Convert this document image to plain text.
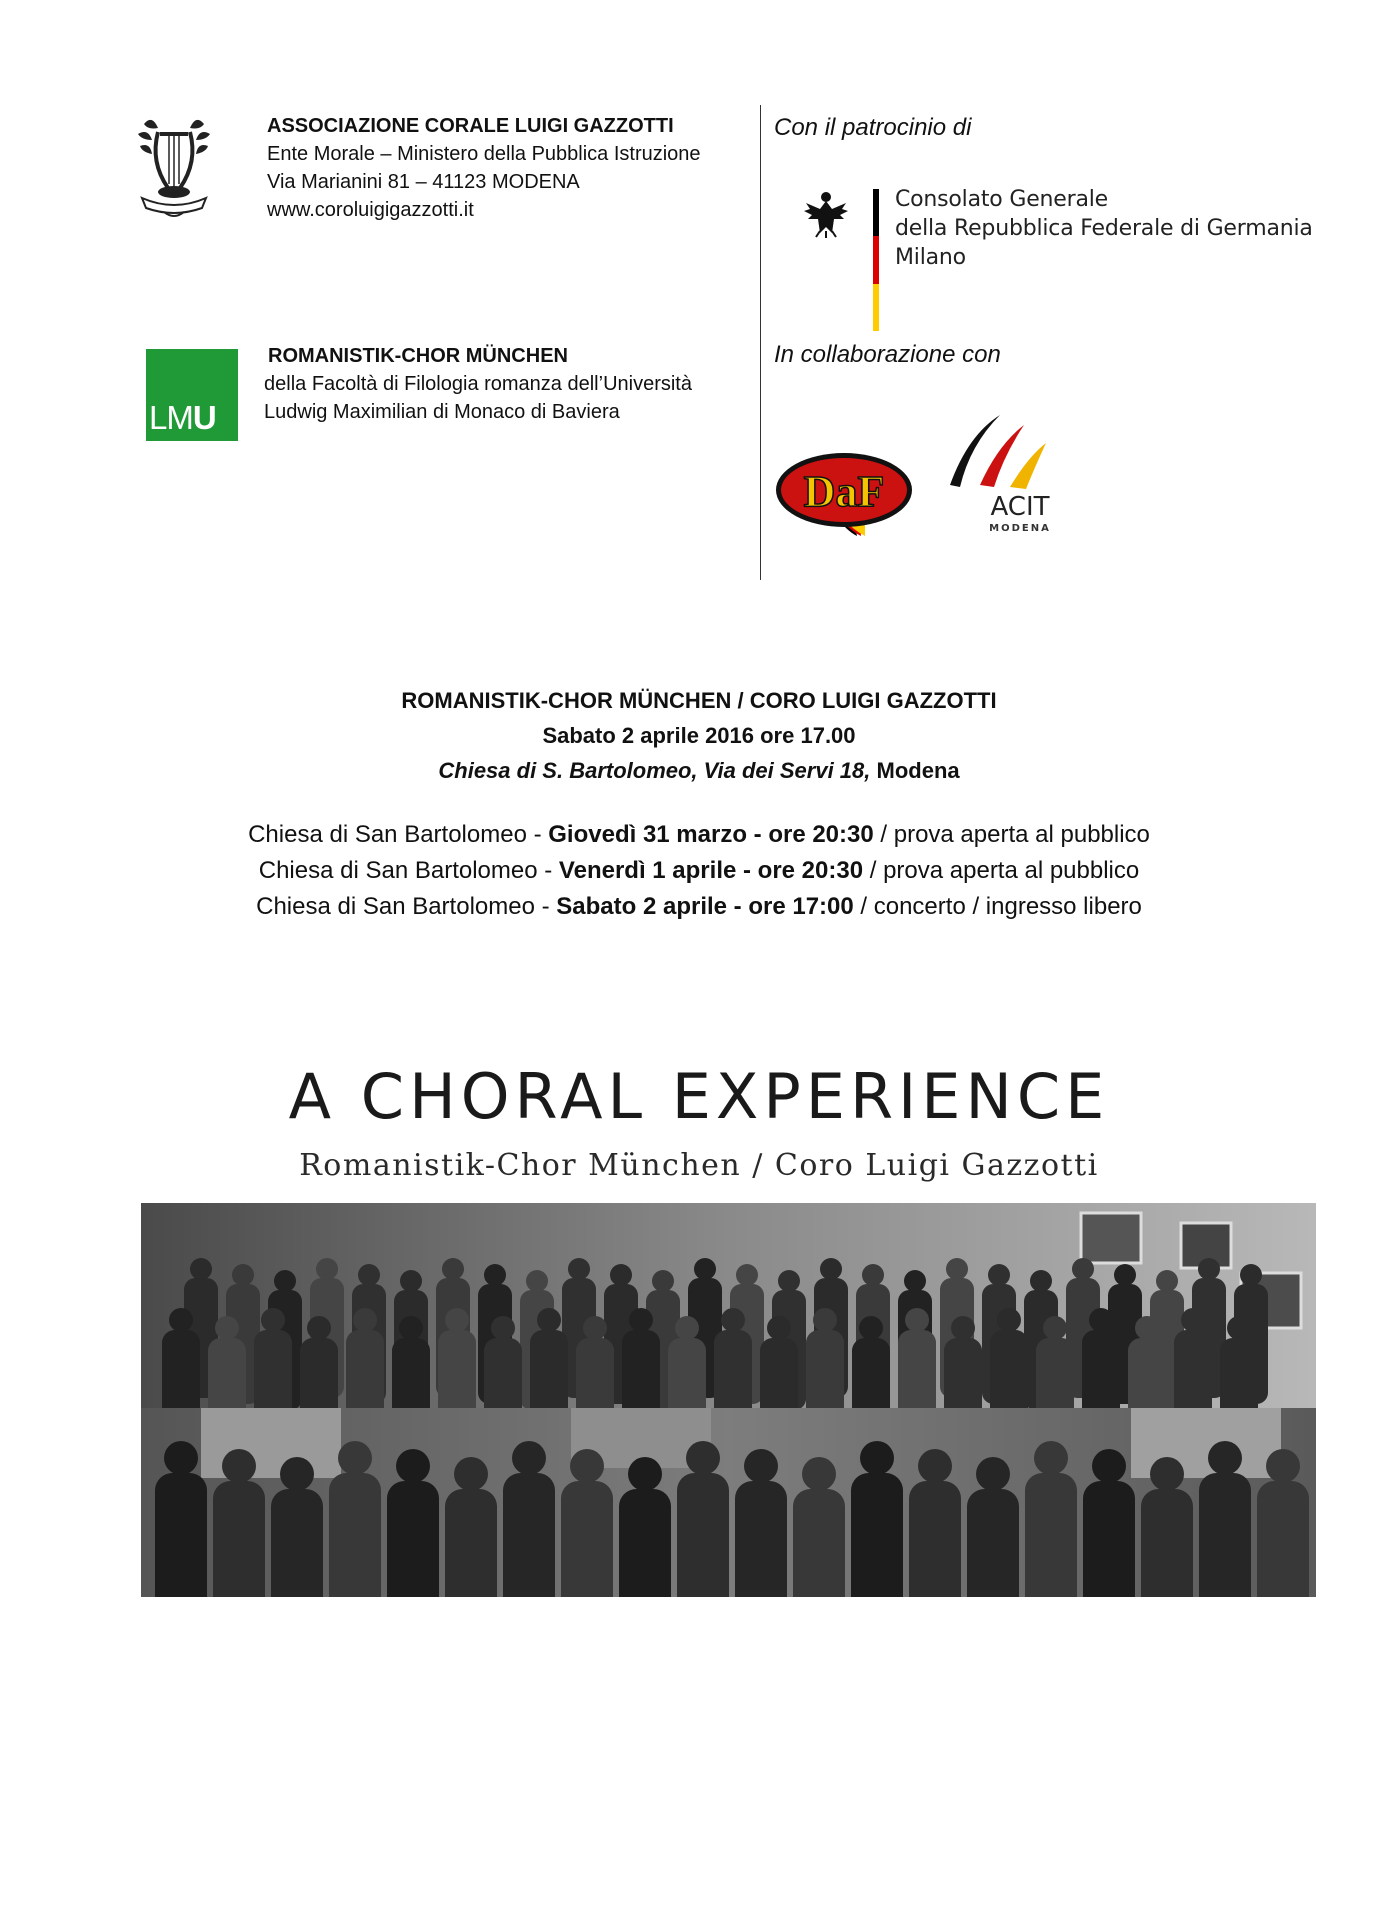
ASSOCIAZIONE CORALE LUIGI GAZZOTTI
Ente Morale – Ministero della Pubblica Istruzione
Via Marianini 81 – 41123 MODENA
www.coroluigigazzotti.it
LMU
ROMANISTIK-CHOR MÜNCHEN
della Facoltà di Filologia romanza dell’Università
Ludwig Maximilian di Monaco di Baviera
Con il patrocinio di
Consolato Generale
della Repubblica Federale di Germania
Milano
In collaborazione con
DaF	ACIT
MODENA
ROMANISTIK-CHOR MÜNCHEN / CORO LUIGI GAZZOTTI
Sabato 2 aprile 2016 ore 17.00
Chiesa di S. Bartolomeo, Via dei Servi 18, Modena
Chiesa di San Bartolomeo - Giovedì 31 marzo - ore 20:30 / prova aperta al pubblico
Chiesa di San Bartolomeo - Venerdì 1 aprile - ore 20:30 / prova aperta al pubblico
Chiesa di San Bartolomeo - Sabato 2 aprile - ore 17:00 / concerto / ingresso libero
A CHORAL EXPERIENCE
Romanistik-Chor München / Coro Luigi Gazzotti
